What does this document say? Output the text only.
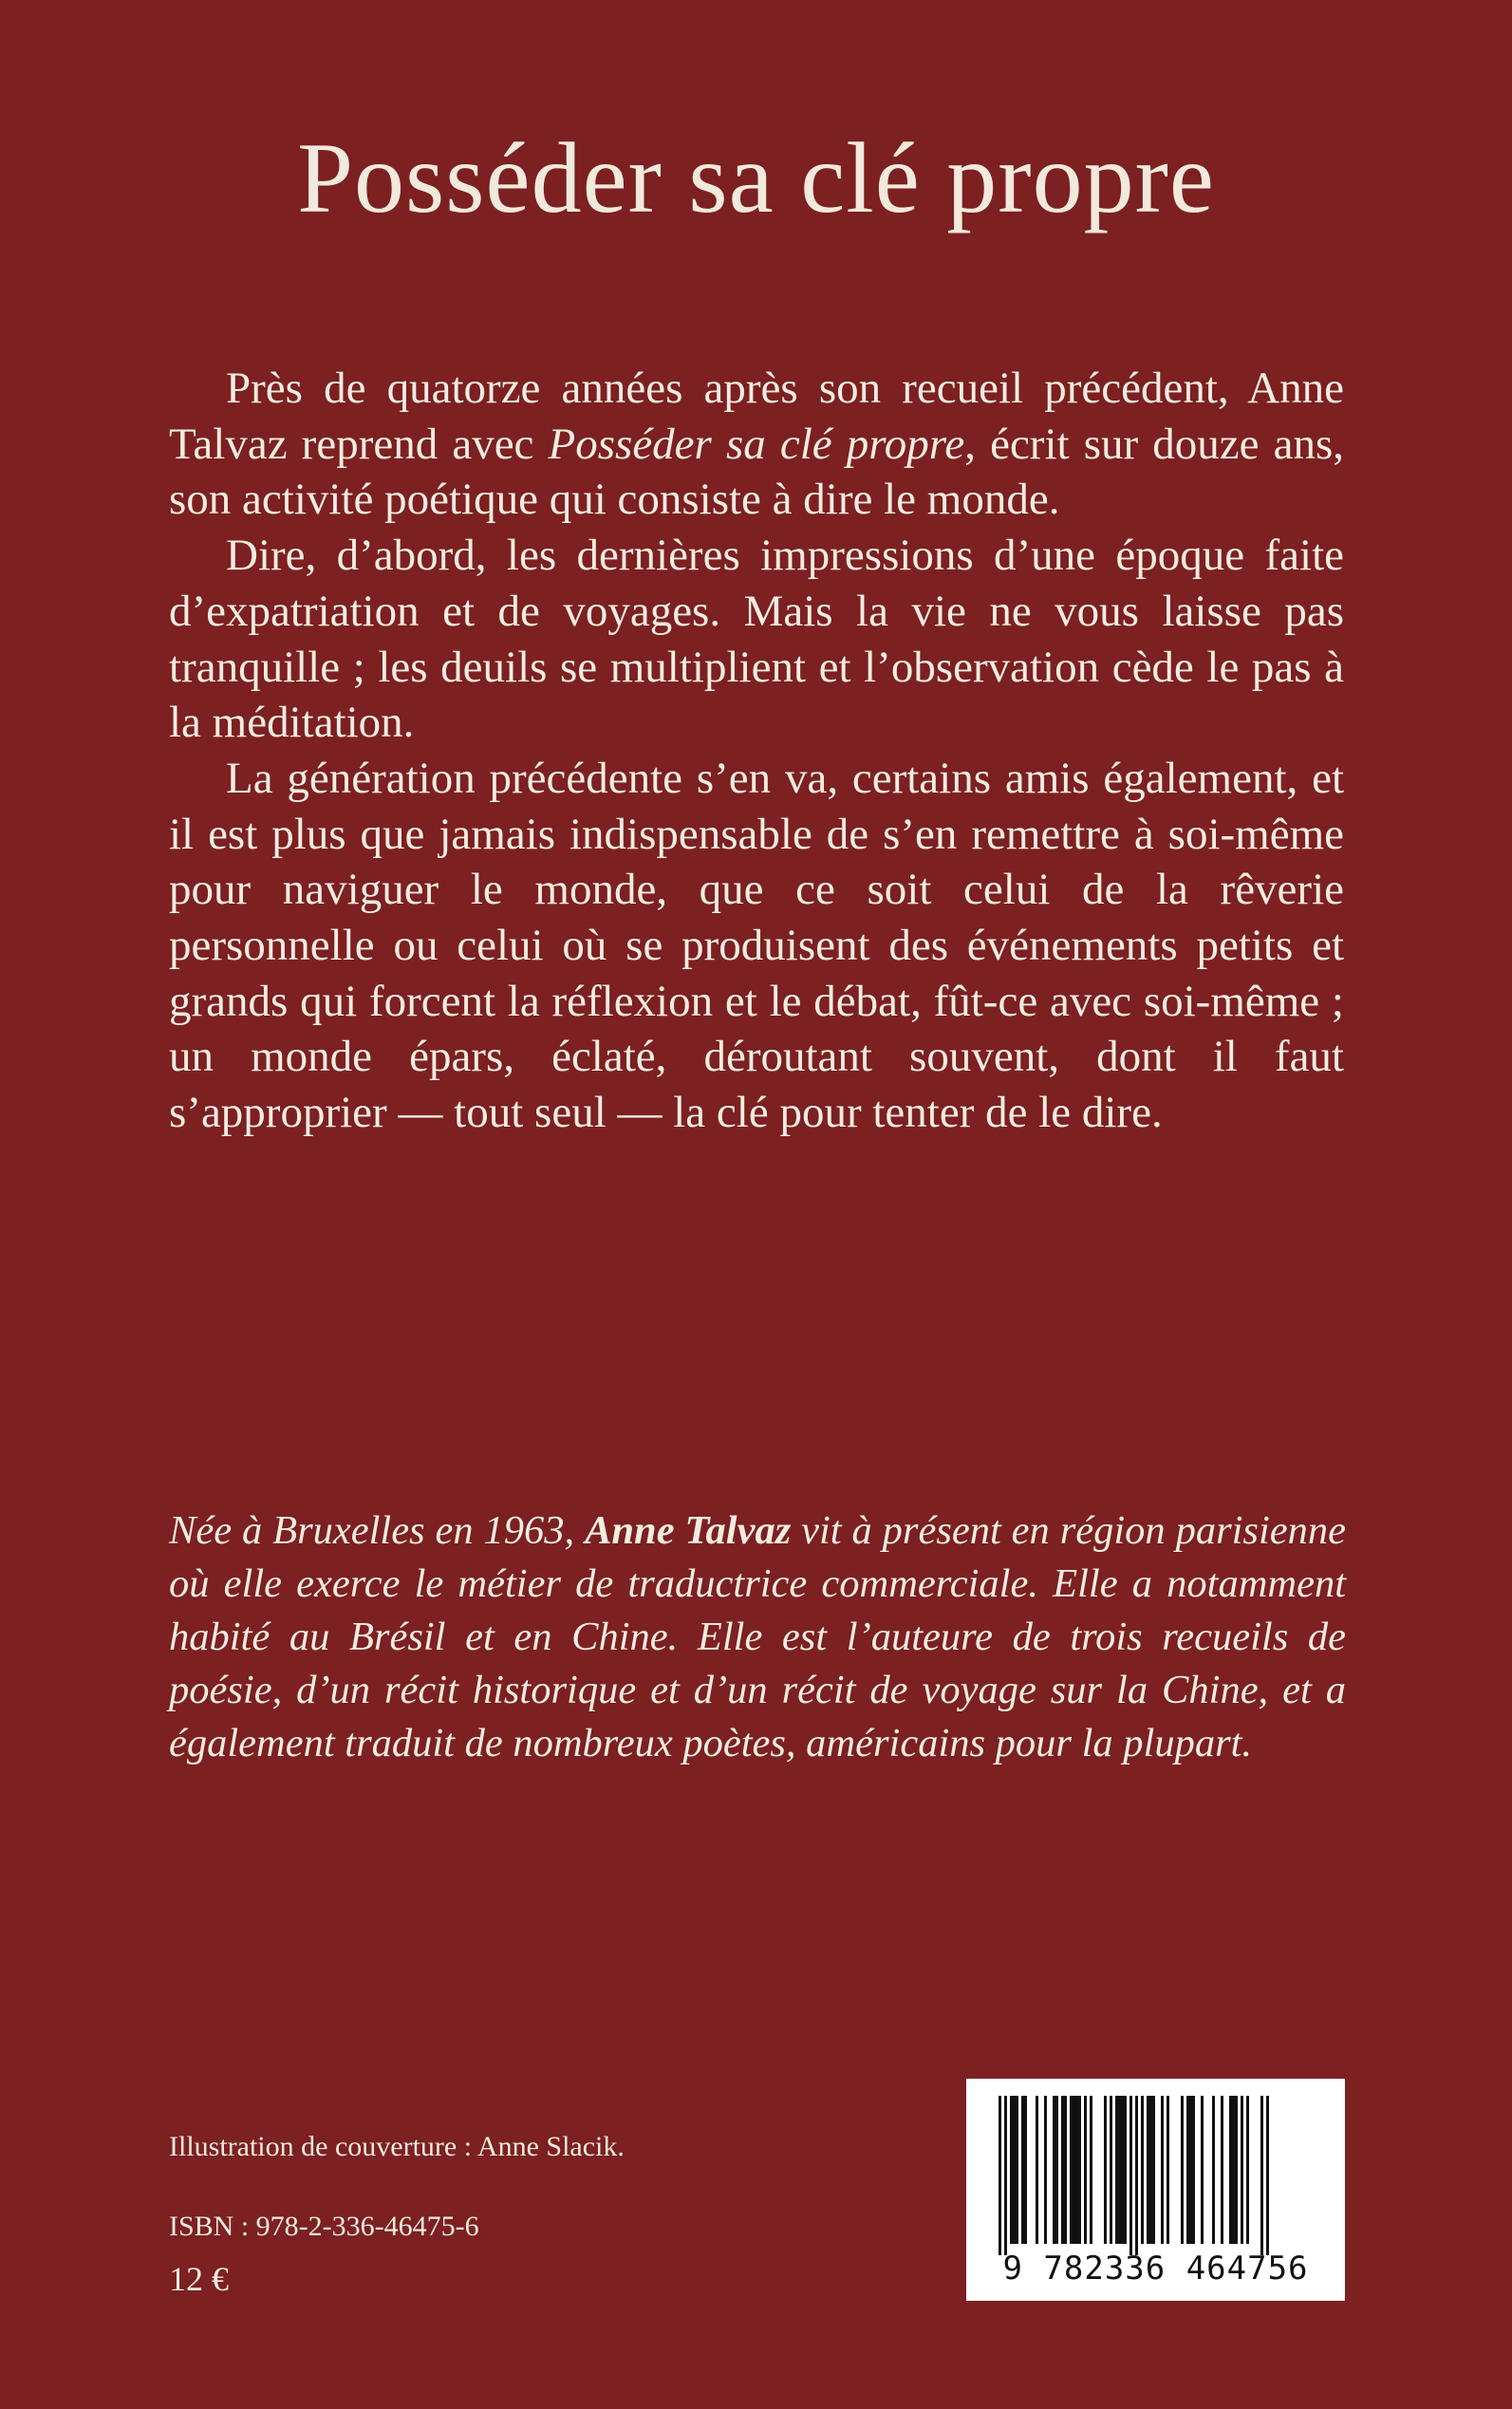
Posséder sa clé propre

Près de quatorze années après son recueil précédent, Anne Talvaz reprend avec Posséder sa clé propre, écrit sur douze ans, son activité poétique qui consiste à dire le monde.

Dire, d’abord, les dernières impressions d’une époque faite d’expatriation et de voyages. Mais la vie ne vous laisse pas tranquille ; les deuils se multiplient et l’observation cède le pas à la méditation.

La génération précédente s’en va, certains amis également, et il est plus que jamais indispensable de s’en remettre à soi-même pour naviguer le monde, que ce soit celui de la rêverie personnelle ou celui où se produisent des événements petits et grands qui forcent la réflexion et le débat, fût-ce avec soi-même ; un monde épars, éclaté, déroutant souvent, dont il faut s’approprier — tout seul — la clé pour tenter de le dire.

Née à Bruxelles en 1963, Anne Talvaz vit à présent en région parisienne où elle exerce le métier de traductrice commerciale. Elle a notamment habité au Brésil et en Chine. Elle est l’auteure de trois recueils de poésie, d’un récit historique et d’un récit de voyage sur la Chine, et a également traduit de nombreux poètes, américains pour la plupart.
Illustration de couverture : Anne Slacik.
ISBN : 978-2-336-46475-6
12 €	9 782336 464756
